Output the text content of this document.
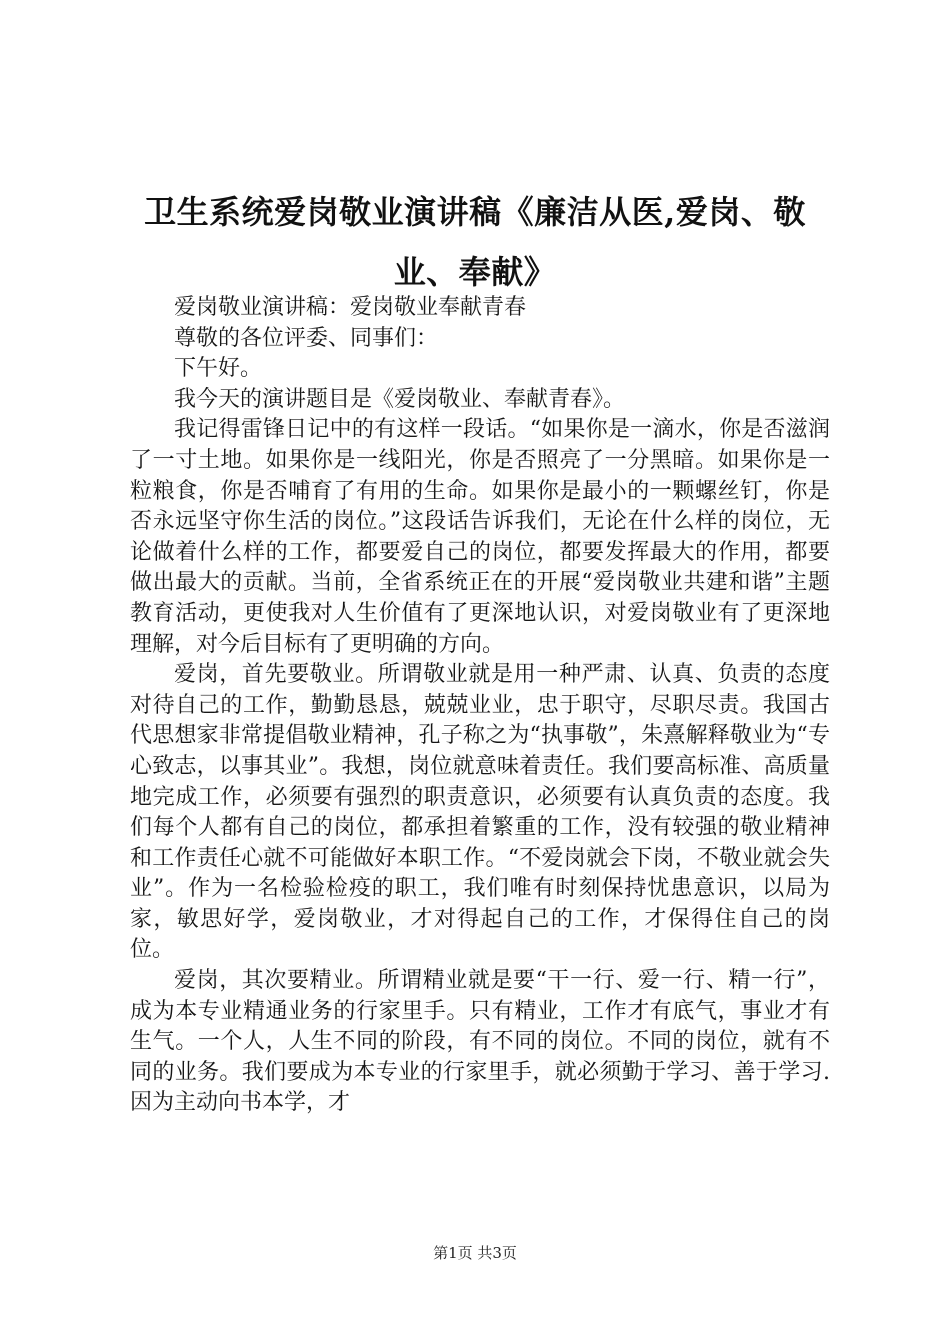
卫生系统爱岗敬业演讲稿《廉洁从医,爱岗、敬业、奉献》

爱岗敬业演讲稿：爱岗敬业奉献青春

尊敬的各位评委、同事们：

下午好。

我今天的演讲题目是《爱岗敬业、奉献青春》。

我记得雷锋日记中的有这样一段话。“如果你是一滴水，你是否滋润了一寸土地。如果你是一线阳光，你是否照亮了一分黑暗。如果你是一粒粮食，你是否哺育了有用的生命。如果你是最小的一颗螺丝钉，你是否永远坚守你生活的岗位。”这段话告诉我们，无论在什么样的岗位，无论做着什么样的工作，都要爱自己的岗位，都要发挥最大的作用，都要做出最大的贡献。当前，全省系统正在的开展“爱岗敬业共建和谐”主题教育活动，更使我对人生价值有了更深地认识，对爱岗敬业有了更深地理解，对今后目标有了更明确的方向。

爱岗，首先要敬业。所谓敬业就是用一种严肃、认真、负责的态度对待自己的工作，勤勤恳恳，兢兢业业，忠于职守，尽职尽责。我国古代思想家非常提倡敬业精神，孔子称之为“执事敬”，朱熹解释敬业为“专心致志，以事其业”。我想，岗位就意味着责任。我们要高标准、高质量地完成工作，必须要有强烈的职责意识，必须要有认真负责的态度。我们每个人都有自己的岗位，都承担着繁重的工作，没有较强的敬业精神和工作责任心就不可能做好本职工作。“不爱岗就会下岗，不敬业就会失业”。作为一名检验检疫的职工，我们唯有时刻保持忧患意识，以局为家，敏思好学，爱岗敬业，才对得起自己的工作，才保得住自己的岗位。

爱岗，其次要精业。所谓精业就是要“干一行、爱一行、精一行”，成为本专业精通业务的行家里手。只有精业，工作才有底气，事业才有生气。一个人，人生不同的阶段，有不同的岗位。不同的岗位，就有不同的业务。我们要成为本专业的行家里手，就必须勤于学习、善于学习.因为主动向书本学，才

第1页 共3页
